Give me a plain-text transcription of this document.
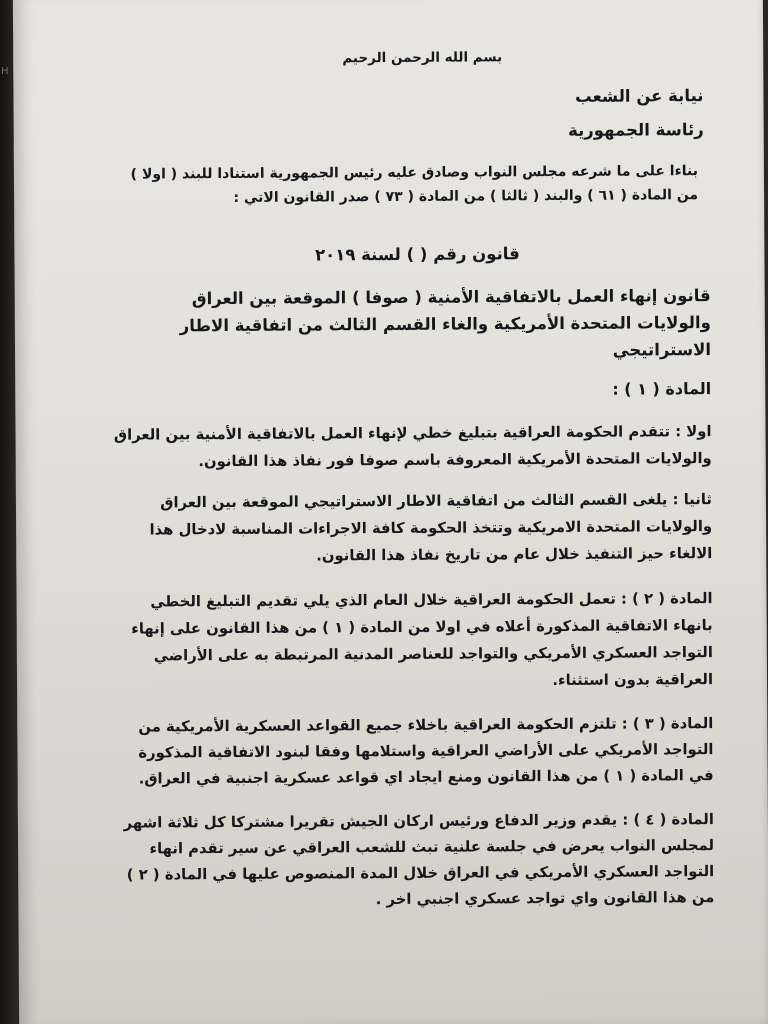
H
بسم الله الرحمن الرحيم
نيابة عن الشعب
رئاسة الجمهورية
بناءا على ما شرعه مجلس النواب وصادق عليه رئيس الجمهورية استنادا للبند ( اولا ) من المادة ( ٦١ ) والبند ( ثالثا ) من المادة ( ٧٣ ) صدر القانون الاتي :
قانون رقم ( ) لسنة ٢٠١٩
قانون إنهاء العمل بالاتفاقية الأمنية ( صوفا ) الموقعة بين العراق والولايات المتحدة الأمريكية والغاء القسم الثالث من اتفاقية الاطار الاستراتيجي
المادة ( ١ ) :
اولا : تتقدم الحكومة العراقية بتبليغ خطي لإنهاء العمل بالاتفاقية الأمنية بين العراق والولايات المتحدة الأمريكية المعروفة باسم صوفا فور نفاذ هذا القانون.
ثانيا : يلغى القسم الثالث من اتفاقية الاطار الاستراتيجي الموقعة بين العراق والولايات المتحدة الامريكية وتتخذ الحكومة كافة الاجراءات المناسبة لادخال هذا الالغاء حيز التنفيذ خلال عام من تاريخ نفاذ هذا القانون.
المادة ( ٢ ) : تعمل الحكومة العراقية خلال العام الذي يلي تقديم التبليغ الخطي بانهاء الاتفاقية المذكورة أعلاه في اولا من المادة ( ١ ) من هذا القانون على إنهاء التواجد العسكري الأمريكي والتواجد للعناصر المدنية المرتبطة به على الأراضي العراقية بدون استثناء.
المادة ( ٣ ) : تلتزم الحكومة العراقية باخلاء جميع القواعد العسكرية الأمريكية من التواجد الأمريكي على الأراضي العراقية واستلامها وفقا لبنود الاتفاقية المذكورة في المادة ( ١ ) من هذا القانون ومنع ايجاد اي قواعد عسكرية اجنبية في العراق.
المادة ( ٤ ) : يقدم وزير الدفاع ورئيس اركان الجيش تقريرا مشتركا كل ثلاثة اشهر لمجلس النواب يعرض في جلسة علنية تبث للشعب العراقي عن سير تقدم انهاء التواجد العسكري الأمريكي في العراق خلال المدة المنصوص عليها في المادة ( ٢ ) من هذا القانون واي تواجد عسكري اجنبي اخر .
